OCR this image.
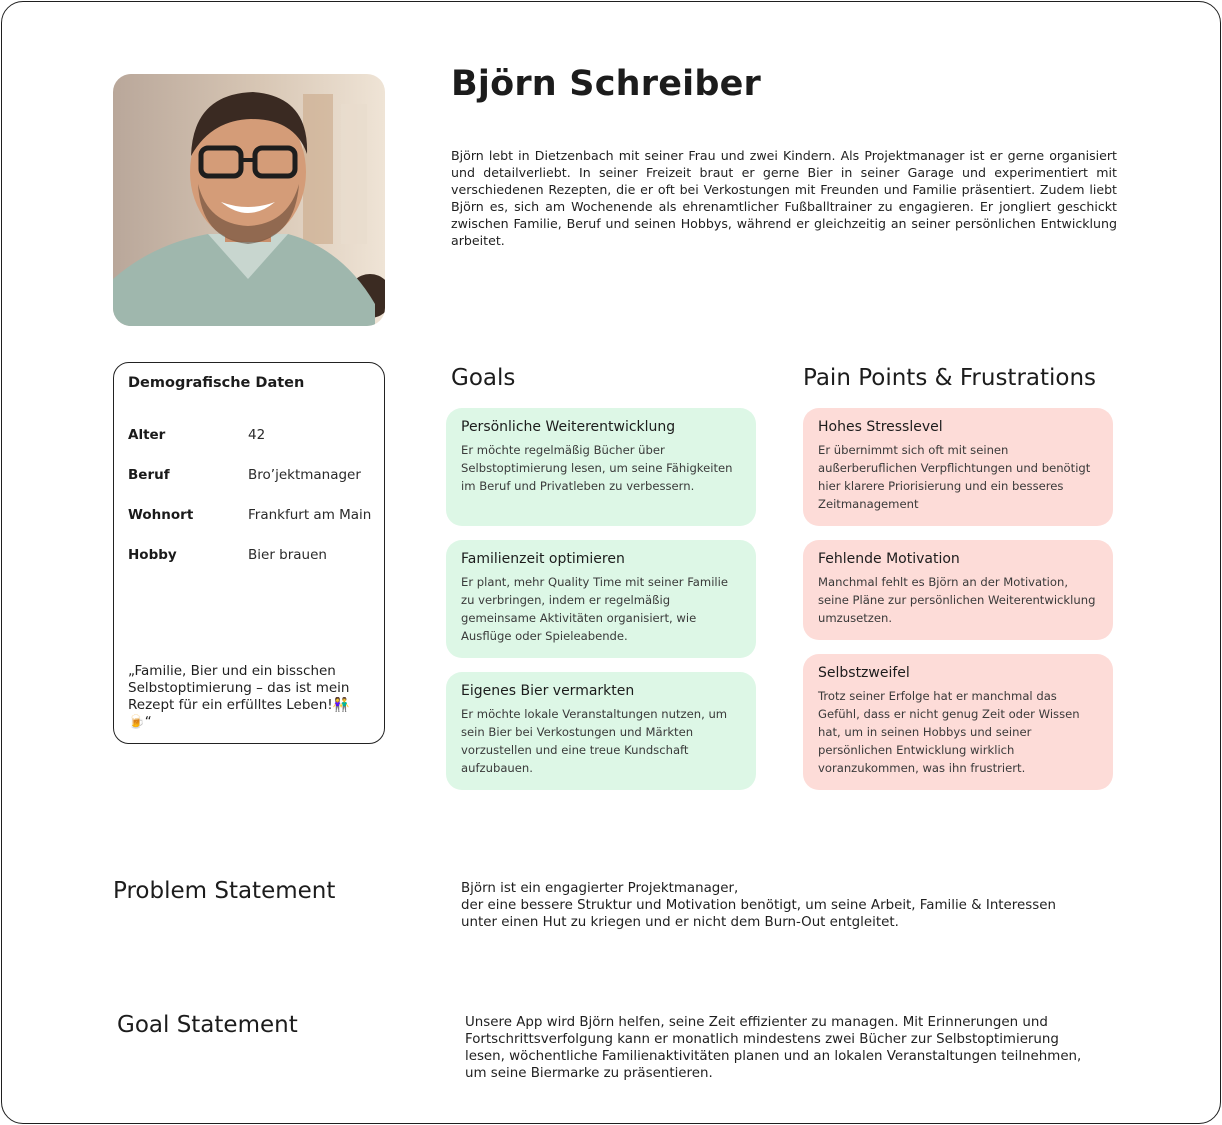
Björn Schreiber
Björn lebt in Dietzenbach mit seiner Frau und zwei Kindern. Als Projektmanager ist er gerne organisiert und detailverliebt. In seiner Freizeit braut er gerne Bier in seiner Garage und experimentiert mit verschiedenen Rezepten, die er oft bei Verkostungen mit Freunden und Familie präsentiert. Zudem liebt Björn es, sich am Wochenende als ehrenamtlicher Fußballtrainer zu engagieren. Er jongliert geschickt zwischen Familie, Beruf und seinen Hobbys, während er gleichzeitig an seiner persönlichen Entwicklung arbeitet.
Demografische Daten
Alter	42
Beruf	Bro’jektmanager
Wohnort	Frankfurt am Main
Hobby	Bier brauen
„Familie, Bier und ein bisschen Selbstoptimierung – das ist mein Rezept für ein erfülltes Leben!👫🍺“
Goals
Persönliche Weiterentwicklung
Er möchte regelmäßig Bücher über Selbstoptimierung lesen, um seine Fähigkeiten im Beruf und Privatleben zu verbessern.
Familienzeit optimieren
Er plant, mehr Quality Time mit seiner Familie zu verbringen, indem er regelmäßig gemeinsame Aktivitäten organisiert, wie Ausflüge oder Spieleabende.
Eigenes Bier vermarkten
Er möchte lokale Veranstaltungen nutzen, um sein Bier bei Verkostungen und Märkten vorzustellen und eine treue Kundschaft aufzubauen.
Pain Points & Frustrations
Hohes Stresslevel
Er übernimmt sich oft mit seinen außerberuflichen Verpflichtungen und benötigt hier klarere Priorisierung und ein besseres Zeitmanagement
Fehlende Motivation
Manchmal fehlt es Björn an der Motivation, seine Pläne zur persönlichen Weiterentwicklung umzusetzen.
Selbstzweifel
Trotz seiner Erfolge hat er manchmal das Gefühl, dass er nicht genug Zeit oder Wissen hat, um in seinen Hobbys und seiner persönlichen Entwicklung wirklich voranzukommen, was ihn frustriert.
Problem Statement	Björn ist ein engagierter Projektmanager,
der eine bessere Struktur und Motivation benötigt, um seine Arbeit, Familie & Interessen
unter einen Hut zu kriegen und er nicht dem Burn-Out entgleitet.
Goal Statement	Unsere App wird Björn helfen, seine Zeit effizienter zu managen. Mit Erinnerungen und
Fortschrittsverfolgung kann er monatlich mindestens zwei Bücher zur Selbstoptimierung
lesen, wöchentliche Familienaktivitäten planen und an lokalen Veranstaltungen teilnehmen,
um seine Biermarke zu präsentieren.
